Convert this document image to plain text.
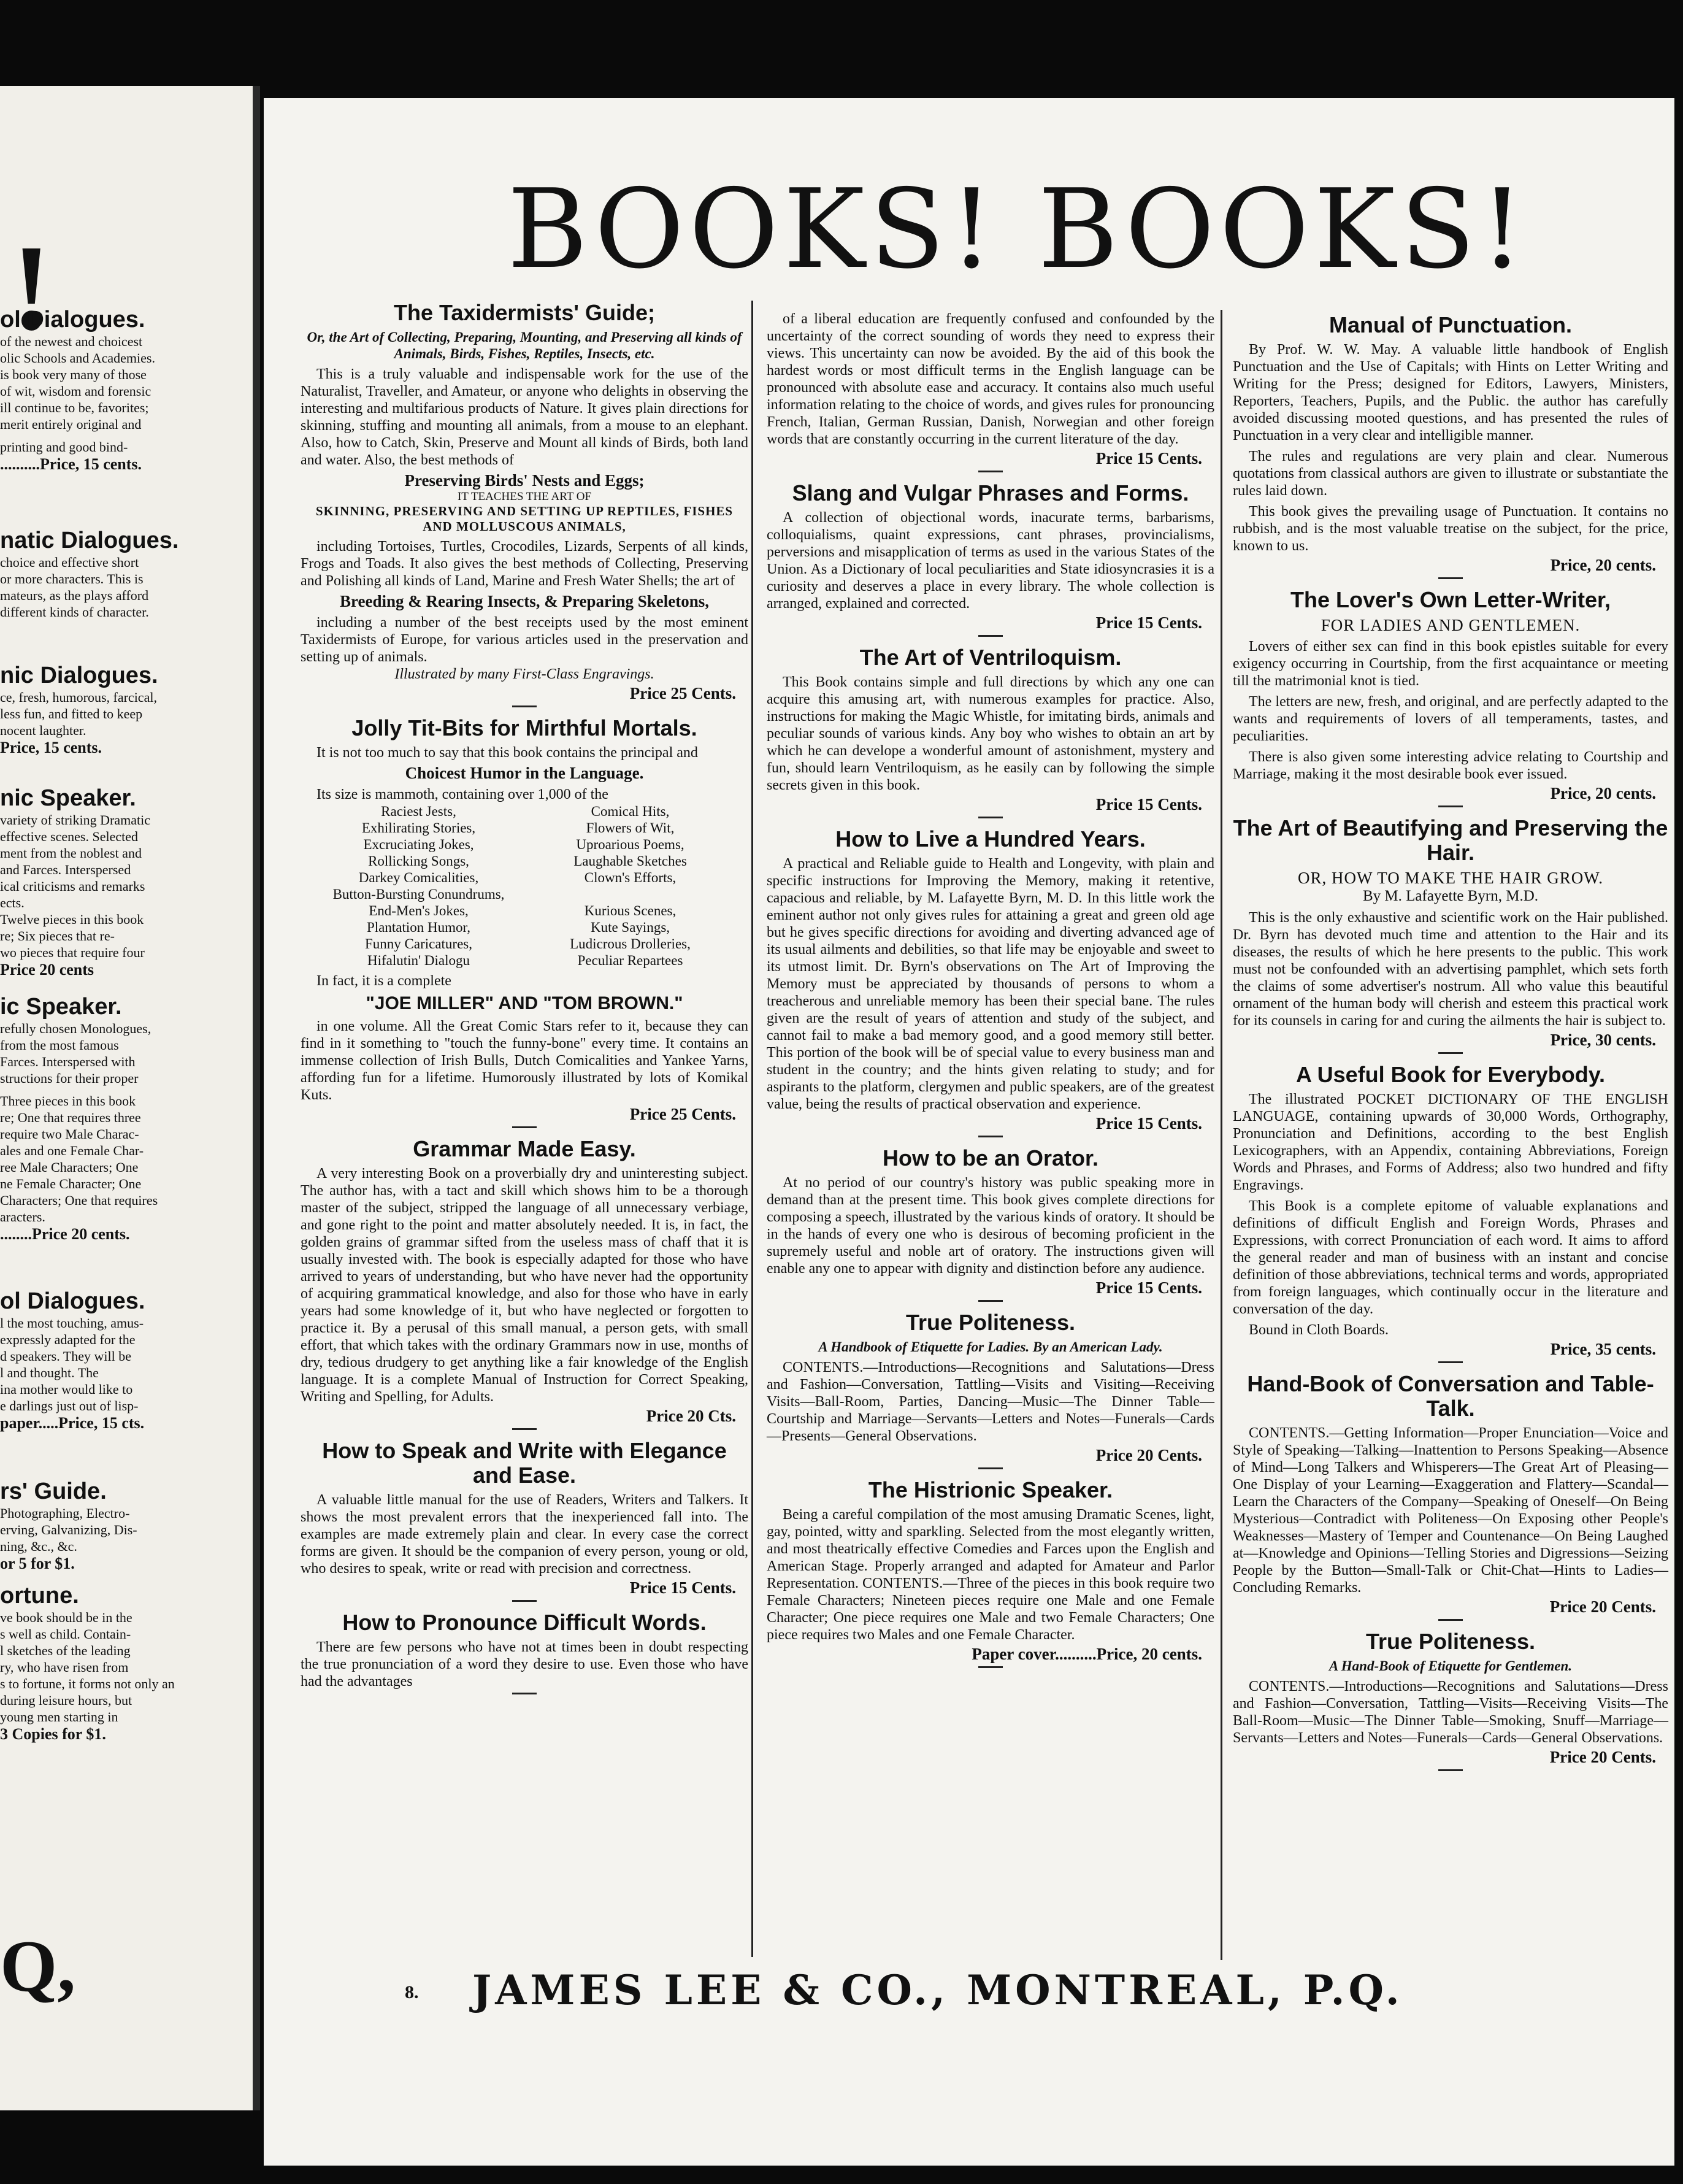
!
ol Dialogues.
of the newest and choicest
olic Schools and Academies.
is book very many of those
of wit, wisdom and forensic
ill continue to be, favorites;
merit entirely original and
printing and good bind-
..........Price, 15 cents.
natic Dialogues.
choice and effective short
or more characters. This is
mateurs, as the plays afford
different kinds of character.
nic Dialogues.
ce, fresh, humorous, farcical,
less fun, and fitted to keep
nocent laughter.
Price, 15 cents.
nic Speaker.
variety of striking Dramatic
effective scenes. Selected
ment from the noblest and
and Farces. Interspersed
ical criticisms and remarks
ects.
Twelve pieces in this book
re; Six pieces that re-
wo pieces that require four
Price 20 cents
ic Speaker.
refully chosen Monologues,
from the most famous
Farces. Interspersed with
structions for their proper
Three pieces in this book
re; One that requires three
require two Male Charac-
ales and one Female Char-
ree Male Characters; One
ne Female Character; One
Characters; One that requires
aracters.
........Price 20 cents.
ol Dialogues.
l the most touching, amus-
expressly adapted for the
d speakers. They will be
l and thought. The
ina mother would like to
e darlings just out of lisp-
paper.....Price, 15 cts.
rs' Guide.
Photographing, Electro-
erving, Galvanizing, Dis-
ning, &c., &c.
or 5 for $1.
ortune.
ve book should be in the
s well as child. Contain-
l sketches of the leading
ry, who have risen from
s to fortune, it forms not only an
during leisure hours, but
young men starting in
3 Copies for $1.
Q,
BOOKS! BOOKS!
The Taxidermists' Guide;
Or, the Art of Collecting, Preparing, Mounting, and Preserving all kinds of Animals, Birds, Fishes, Reptiles, Insects, etc.

This is a truly valuable and indispensable work for the use of the Naturalist, Traveller, and Amateur, or anyone who delights in observing the interesting and multifarious products of Nature. It gives plain directions for skinning, stuffing and mounting all animals, from a mouse to an elephant. Also, how to Catch, Skin, Preserve and Mount all kinds of Birds, both land and water. Also, the best methods of

Preserving Birds' Nests and Eggs;
IT TEACHES THE ART OF
SKINNING, PRESERVING AND SETTING UP REPTILES, FISHES AND MOLLUSCOUS ANIMALS,

including Tortoises, Turtles, Crocodiles, Lizards, Serpents of all kinds, Frogs and Toads. It also gives the best methods of Collecting, Preserving and Polishing all kinds of Land, Marine and Fresh Water Shells; the art of

Breeding & Rearing Insects, & Preparing Skeletons,

including a number of the best receipts used by the most eminent Taxidermists of Europe, for various articles used in the preservation and setting up of animals.

Illustrated by many First-Class Engravings.
Price 25 Cents.
Jolly Tit-Bits for Mirthful Mortals.

It is not too much to say that this book contains the principal and

Choicest Humor in the Language.

Its size is mammoth, containing over 1,000 of the

Raciest Jests,	Comical Hits,
Exhilirating Stories,	Flowers of Wit,
Excruciating Jokes,	Uproarious Poems,
Rollicking Songs,	Laughable Sketches
Darkey Comicalities,	Clown's Efforts,
Button-Bursting Conundrums,
End-Men's Jokes,	Kurious Scenes,
Plantation Humor,	Kute Sayings,
Funny Caricatures,	Ludicrous Drolleries,
Hifalutin' Dialogu	Peculiar Repartees

In fact, it is a complete

"JOE MILLER" AND "TOM BROWN."

in one volume. All the Great Comic Stars refer to it, because they can find in it something to "touch the funny-bone" every time. It contains an immense collection of Irish Bulls, Dutch Comicalities and Yankee Yarns, affording fun for a lifetime. Humorously illustrated by lots of Komikal Kuts.

Price 25 Cents.
Grammar Made Easy.

A very interesting Book on a proverbially dry and uninteresting subject. The author has, with a tact and skill which shows him to be a thorough master of the subject, stripped the language of all unnecessary verbiage, and gone right to the point and matter absolutely needed. It is, in fact, the golden grains of grammar sifted from the useless mass of chaff that it is usually invested with. The book is especially adapted for those who have arrived to years of understanding, but who have never had the opportunity of acquiring grammatical knowledge, and also for those who have in early years had some knowledge of it, but who have neglected or forgotten to practice it. By a perusal of this small manual, a person gets, with small effort, that which takes with the ordinary Grammars now in use, months of dry, tedious drudgery to get anything like a fair knowledge of the English language. It is a complete Manual of Instruction for Correct Speaking, Writing and Spelling, for Adults.

Price 20 Cts.
How to Speak and Write with Elegance and Ease.

A valuable little manual for the use of Readers, Writers and Talkers. It shows the most prevalent errors that the inexperienced fall into. The examples are made extremely plain and clear. In every case the correct forms are given. It should be the companion of every person, young or old, who desires to speak, write or read with precision and correctness.

Price 15 Cents.
How to Pronounce Difficult Words.

There are few persons who have not at times been in doubt respecting the true pronunciation of a word they desire to use. Even those who have had the advantages

of a liberal education are frequently confused and confounded by the uncertainty of the correct sounding of words they need to express their views. This uncertainty can now be avoided. By the aid of this book the hardest words or most difficult terms in the English language can be pronounced with absolute ease and accuracy. It contains also much useful information relating to the choice of words, and gives rules for pronouncing French, Italian, German Russian, Danish, Norwegian and other foreign words that are constantly occurring in the current literature of the day.

Price 15 Cents.
Slang and Vulgar Phrases and Forms.

A collection of objectional words, inacurate terms, barbarisms, colloquialisms, quaint expressions, cant phrases, provincialisms, perversions and misapplication of terms as used in the various States of the Union. As a Dictionary of local peculiarities and State idiosyncrasies it is a curiosity and deserves a place in every library. The whole collection is arranged, explained and corrected.

Price 15 Cents.
The Art of Ventriloquism.

This Book contains simple and full directions by which any one can acquire this amusing art, with numerous examples for practice. Also, instructions for making the Magic Whistle, for imitating birds, animals and peculiar sounds of various kinds. Any boy who wishes to obtain an art by which he can develope a wonderful amount of astonishment, mystery and fun, should learn Ventriloquism, as he easily can by following the simple secrets given in this book.

Price 15 Cents.
How to Live a Hundred Years.

A practical and Reliable guide to Health and Longevity, with plain and specific instructions for Improving the Memory, making it retentive, capacious and reliable, by M. Lafayette Byrn, M. D. In this little work the eminent author not only gives rules for attaining a great and green old age but he gives specific directions for avoiding and diverting advanced age of its usual ailments and debilities, so that life may be enjoyable and sweet to its utmost limit. Dr. Byrn's observations on The Art of Improving the Memory must be appreciated by thousands of persons to whom a treacherous and unreliable memory has been their special bane. The rules given are the result of years of attention and study of the subject, and cannot fail to make a bad memory good, and a good memory still better. This portion of the book will be of special value to every business man and student in the country; and the hints given relating to study; and for aspirants to the platform, clergymen and public speakers, are of the greatest value, being the results of practical observation and experience.

Price 15 Cents.
How to be an Orator.

At no period of our country's history was public speaking more in demand than at the present time. This book gives complete directions for composing a speech, illustrated by the various kinds of oratory. It should be in the hands of every one who is desirous of becoming proficient in the supremely useful and noble art of oratory. The instructions given will enable any one to appear with dignity and distinction before any audience.

Price 15 Cents.
True Politeness.
A Handbook of Etiquette for Ladies. By an American Lady.

CONTENTS.—Introductions—Recognitions and Salutations—Dress and Fashion—Conversation, Tattling—Visits and Visiting—Receiving Visits—Ball-Room, Parties, Dancing—Music—The Dinner Table—Courtship and Marriage—Servants—Letters and Notes—Funerals—Cards—Presents—General Observations.

Price 20 Cents.
The Histrionic Speaker.

Being a careful compilation of the most amusing Dramatic Scenes, light, gay, pointed, witty and sparkling. Selected from the most elegantly written, and most theatrically effective Comedies and Farces upon the English and American Stage. Properly arranged and adapted for Amateur and Parlor Representation. CONTENTS.—Three of the pieces in this book require two Female Characters; Nineteen pieces require one Male and one Female Character; One piece requires one Male and two Female Characters; One piece requires two Males and one Female Character.

Paper cover..........Price, 20 cents.
Manual of Punctuation.

By Prof. W. W. May. A valuable little handbook of English Punctuation and the Use of Capitals; with Hints on Letter Writing and Writing for the Press; designed for Editors, Lawyers, Ministers, Reporters, Teachers, Pupils, and the Public. the author has carefully avoided discussing mooted questions, and has presented the rules of Punctuation in a very clear and intelligible manner.

The rules and regulations are very plain and clear. Numerous quotations from classical authors are given to illustrate or substantiate the rules laid down.

This book gives the prevailing usage of Punctuation. It contains no rubbish, and is the most valuable treatise on the subject, for the price, known to us.

Price, 20 cents.
The Lover's Own Letter-Writer,
FOR LADIES AND GENTLEMEN.

Lovers of either sex can find in this book epistles suitable for every exigency occurring in Courtship, from the first acquaintance or meeting till the matrimonial knot is tied.

The letters are new, fresh, and original, and are perfectly adapted to the wants and requirements of lovers of all temperaments, tastes, and peculiarities.

There is also given some interesting advice relating to Courtship and Marriage, making it the most desirable book ever issued.

Price, 20 cents.
The Art of Beautifying and Preserving the Hair.
OR, HOW TO MAKE THE HAIR GROW.
By M. Lafayette Byrn, M.D.

This is the only exhaustive and scientific work on the Hair published. Dr. Byrn has devoted much time and attention to the Hair and its diseases, the results of which he here presents to the public. This work must not be confounded with an advertising pamphlet, which sets forth the claims of some advertiser's nostrum. All who value this beautiful ornament of the human body will cherish and esteem this practical work for its counsels in caring for and curing the ailments the hair is subject to.

Price, 30 cents.
A Useful Book for Everybody.

The illustrated POCKET DICTIONARY OF THE ENGLISH LANGUAGE, containing upwards of 30,000 Words, Orthography, Pronunciation and Definitions, according to the best English Lexicographers, with an Appendix, containing Abbreviations, Foreign Words and Phrases, and Forms of Address; also two hundred and fifty Engravings.

This Book is a complete epitome of valuable explanations and definitions of difficult English and Foreign Words, Phrases and Expressions, with correct Pronunciation of each word. It aims to afford the general reader and man of business with an instant and concise definition of those abbreviations, technical terms and words, appropriated from foreign languages, which continually occur in the literature and conversation of the day.

Bound in Cloth Boards.

Price, 35 cents.
Hand-Book of Conversation and Table-Talk.

CONTENTS.—Getting Information—Proper Enunciation—Voice and Style of Speaking—Talking—Inattention to Persons Speaking—Absence of Mind—Long Talkers and Whisperers—The Great Art of Pleasing—One Display of your Learning—Exaggeration and Flattery—Scandal—Learn the Characters of the Company—Speaking of Oneself—On Being Mysterious—Contradict with Politeness—On Exposing other People's Weaknesses—Mastery of Temper and Countenance—On Being Laughed at—Knowledge and Opinions—Telling Stories and Digressions—Seizing People by the Button—Small-Talk or Chit-Chat—Hints to Ladies—Concluding Remarks.

Price 20 Cents.
True Politeness.
A Hand-Book of Etiquette for Gentlemen.

CONTENTS.—Introductions—Recognitions and Salutations—Dress and Fashion—Conversation, Tattling—Visits—Receiving Visits—The Ball-Room—Music—The Dinner Table—Smoking, Snuff—Marriage—Servants—Letters and Notes—Funerals—Cards—General Observations.

Price 20 Cents.
8. JAMES LEE & CO., MONTREAL, P.Q.
